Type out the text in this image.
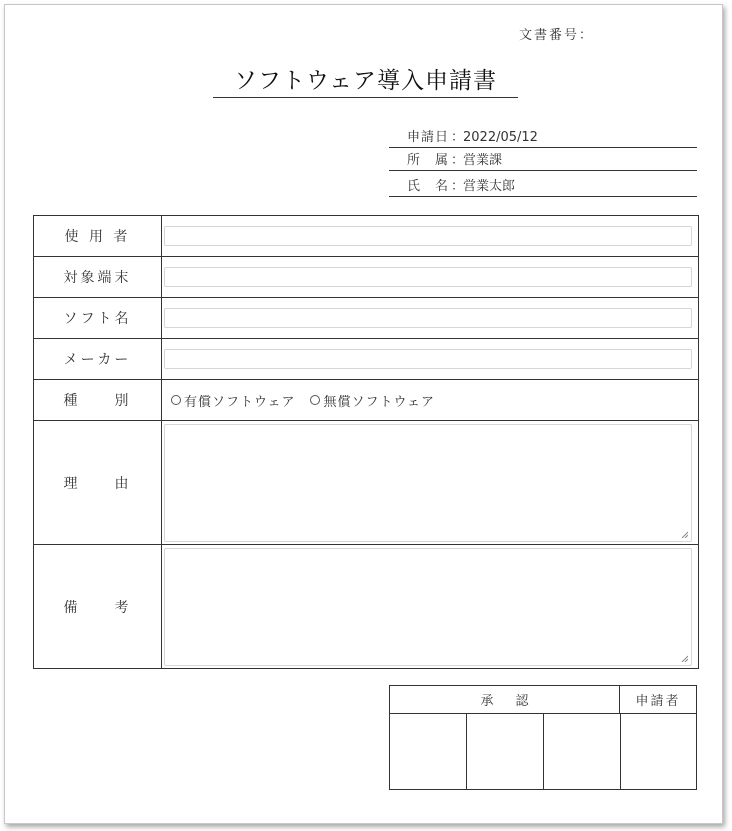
文書番号：
ソフトウェア導入申請書
申請日 ：
2022/05/12
所　属 ：
営業課
氏　名 ：
営業太郎
使 用 者
対象端末
ソフト名
メーカー
種　　別	有償ソフトウェア 無償ソフトウェア
理　　由
備　　考
承認	申請者
